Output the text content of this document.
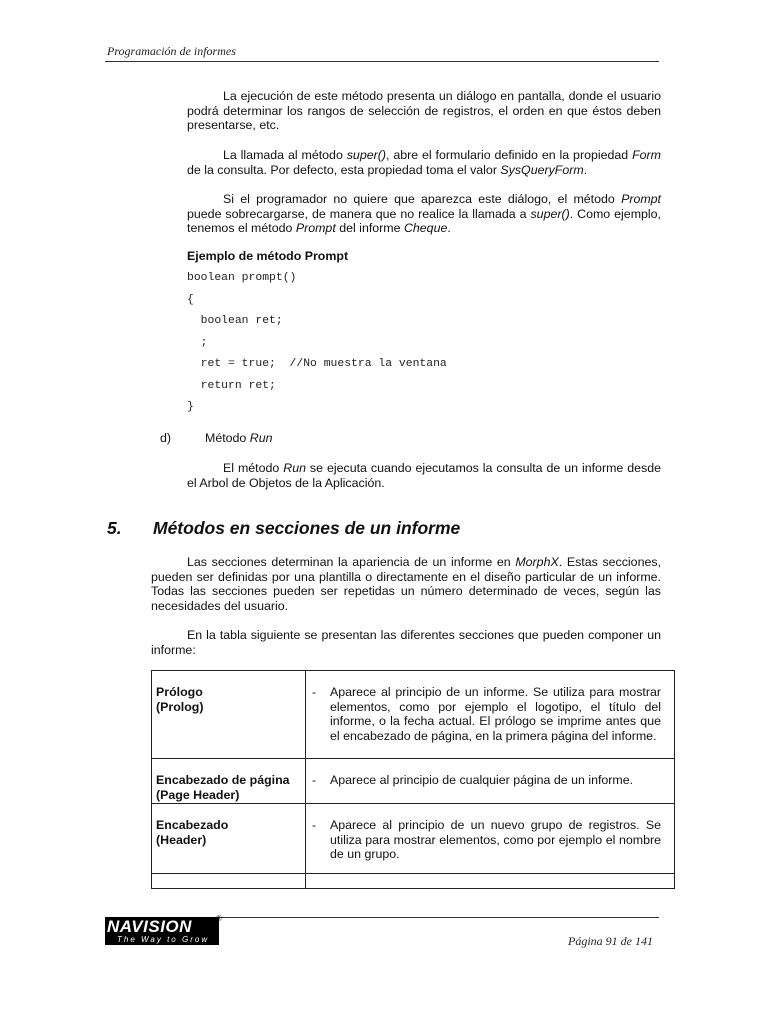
Programación de informes
La ejecución de este método presenta un diálogo en pantalla, donde el usuario podrá determinar los rangos de selección de registros, el orden en que éstos deben presentarse, etc.
La llamada al método super(), abre el formulario definido en la propiedad Form de la consulta. Por defecto, esta propiedad toma el valor SysQueryForm.
Si el programador no quiere que aparezca este diálogo, el método Prompt puede sobrecargarse, de manera que no realice la llamada a super(). Como ejemplo, tenemos el método Prompt del informe Cheque.
Ejemplo de método Prompt
boolean prompt()
{
boolean ret;
;
ret = true;  //No muestra la ventana
return ret;
}
d)	Método Run
El método Run se ejecuta cuando ejecutamos la consulta de un informe desde el Arbol de Objetos de la Aplicación.
5. Métodos en secciones de un informe
Las secciones determinan la apariencia de un informe en MorphX. Estas secciones, pueden ser definidas por una plantilla o directamente en el diseño particular de un informe. Todas las secciones pueden ser repetidas un número determinado de veces, según las necesidades del usuario.
En la tabla siguiente se presentan las diferentes secciones que pueden componer un informe:
Prólogo
(Prolog)	- Aparece al principio de un informe. Se utiliza para mostrar elementos, como por ejemplo el logotipo, el título del informe, o la fecha actual. El prólogo se imprime antes que el encabezado de página, en la primera página del informe.

Encabezado de página
(Page Header)	- Aparece al principio de cualquier página de un informe.

Encabezado
(Header)	- Aparece al principio de un nuevo grupo de registros. Se utiliza para mostrar elementos, como por ejemplo el nombre de un grupo.

NAVISION
The Way to Grow
®
Página 91 de 141
